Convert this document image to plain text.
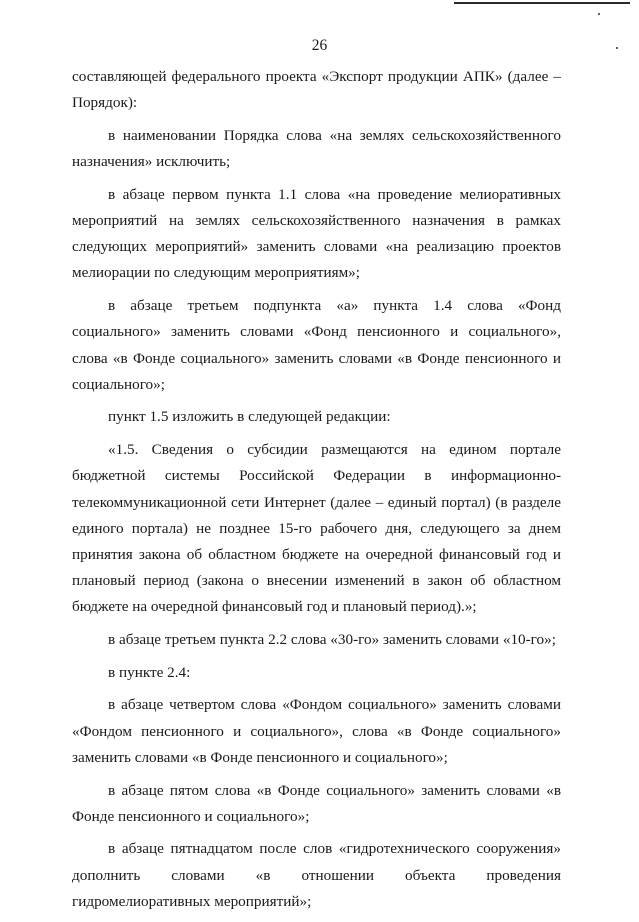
26

составляющей федерального проекта «Экспорт продукции АПК» (далее – Порядок):

в наименовании Порядка слова «на землях сельскохозяйственного назначения» исключить;

в абзаце первом пункта 1.1 слова «на проведение мелиоративных мероприятий на землях сельскохозяйственного назначения в рамках следующих мероприятий» заменить словами «на реализацию проектов мелиорации по следующим мероприятиям»;

в абзаце третьем подпункта «а» пункта 1.4 слова «Фонд социального» заменить словами «Фонд пенсионного и социального», слова «в Фонде социального» заменить словами «в Фонде пенсионного и социального»;

пункт 1.5 изложить в следующей редакции:

«1.5. Сведения о субсидии размещаются на едином портале бюджетной системы Российской Федерации в информационно-телекоммуникационной сети Интернет (далее – единый портал) (в разделе единого портала) не позднее 15-го рабочего дня, следующего за днем принятия закона об областном бюджете на очередной финансовый год и плановый период (закона о внесении изменений в закон об областном бюджете на очередной финансовый год и плановый период).»;

в абзаце третьем пункта 2.2 слова «30-го» заменить словами «10-го»;

в пункте 2.4:

в абзаце четвертом слова «Фондом социального» заменить словами «Фондом пенсионного и социального», слова «в Фонде социального» заменить словами «в Фонде пенсионного и социального»;

в абзаце пятом слова «в Фонде социального» заменить словами «в Фонде пенсионного и социального»;

в абзаце пятнадцатом после слов «гидротехнического сооружения» дополнить словами «в отношении объекта проведения гидромелиоративных мероприятий»;
